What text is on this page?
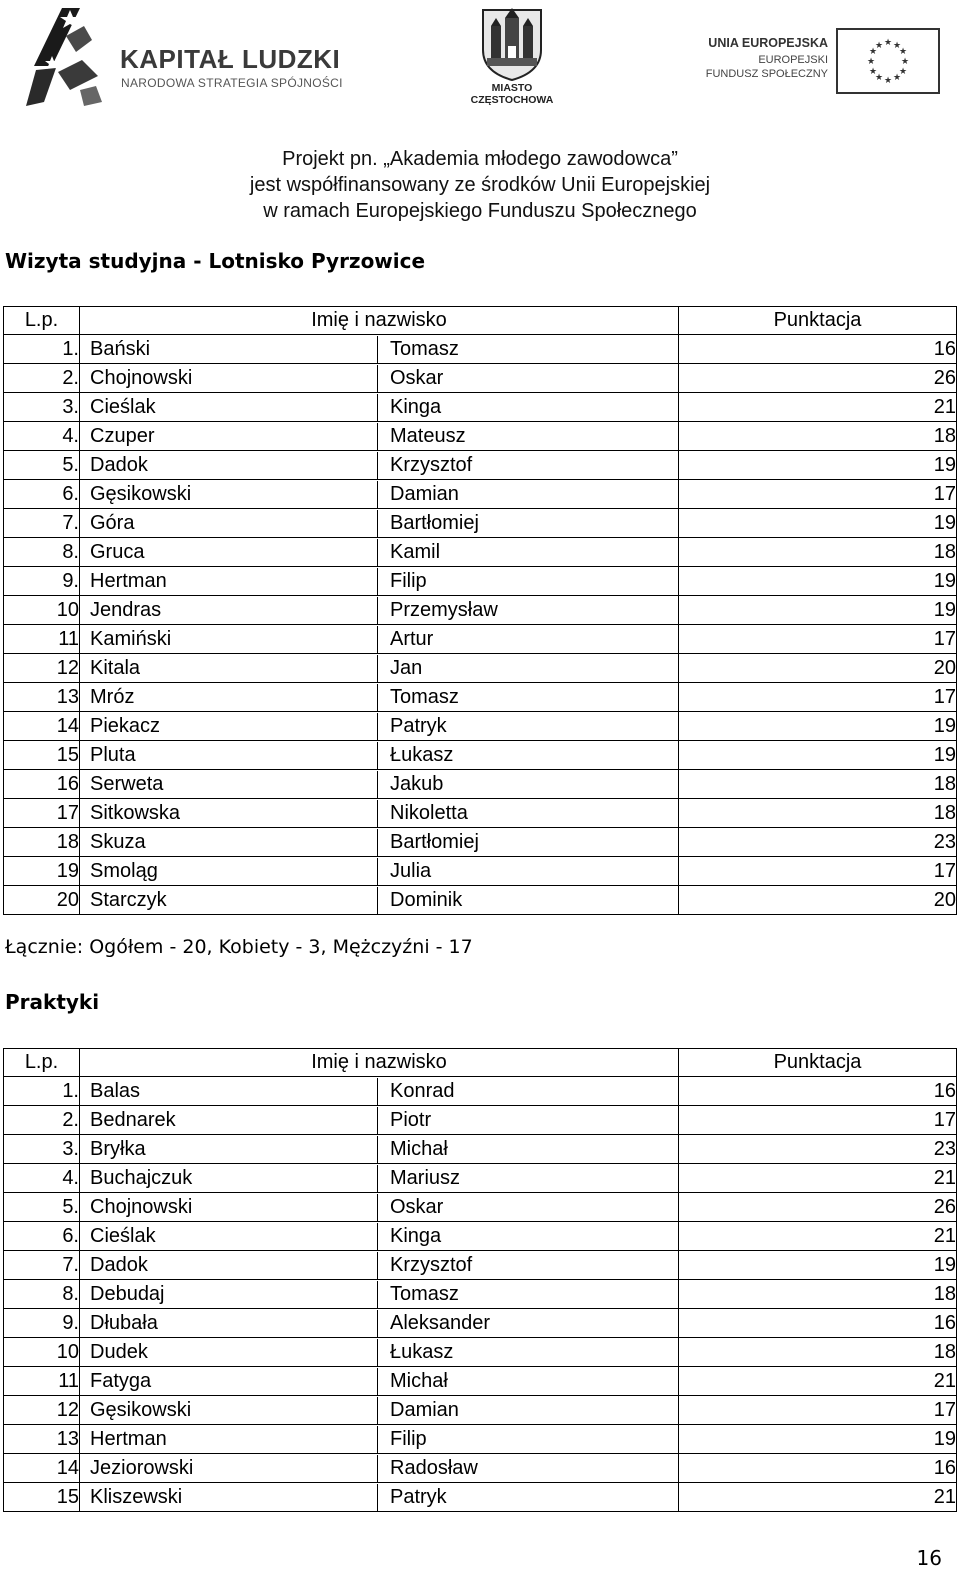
KAPITAŁ LUDZKI
NARODOWA STRATEGIA SPÓJNOŚCI	MIASTO
CZĘSTOCHOWA
UNIA EUROPEJSKA
EUROPEJSKI
FUNDUSZ SPOŁECZNY
★ ★
★
★
★
★
★
★
★
★
★
★
Projekt pn. „Akademia młodego zawodowca”
jest współfinansowany ze środków Unii Europejskiej
w ramach Europejskiego Funduszu Społecznego
Wizyta studyjna - Lotnisko Pyrzowice
L.p.	Imię i nazwisko	Punktacja
1.	Bański Tomasz	16
2.	Chojnowski Oskar	26
3.	Cieślak Kinga	21
4.	Czuper Mateusz	18
5.	Dadok Krzysztof	19
6.	Gęsikowski Damian	17
7.	Góra Bartłomiej	19
8.	Gruca Kamil	18
9.	Hertman Filip	19
10	Jendras Przemysław	19
11	Kamiński Artur	17
12	Kitala Jan	20
13	Mróz Tomasz	17
14	Piekacz Patryk	19
15	Pluta Łukasz	19
16	Serweta Jakub	18
17	Sitkowska Nikoletta	18
18	Skuza Bartłomiej	23
19	Smoląg Julia	17
20	Starczyk Dominik	20
Łącznie: Ogółem - 20, Kobiety - 3, Mężczyźni - 17
Praktyki
L.p.	Imię i nazwisko	Punktacja
1.	Balas Konrad	16
2.	Bednarek Piotr	17
3.	Bryłka Michał	23
4.	Buchajczuk Mariusz	21
5.	Chojnowski Oskar	26
6.	Cieślak Kinga	21
7.	Dadok Krzysztof	19
8.	Debudaj Tomasz	18
9.	Dłubała Aleksander	16
10	Dudek Łukasz	18
11	Fatyga Michał	21
12	Gęsikowski Damian	17
13	Hertman Filip	19
14	Jeziorowski Radosław	16
15	Kliszewski Patryk	21
16
